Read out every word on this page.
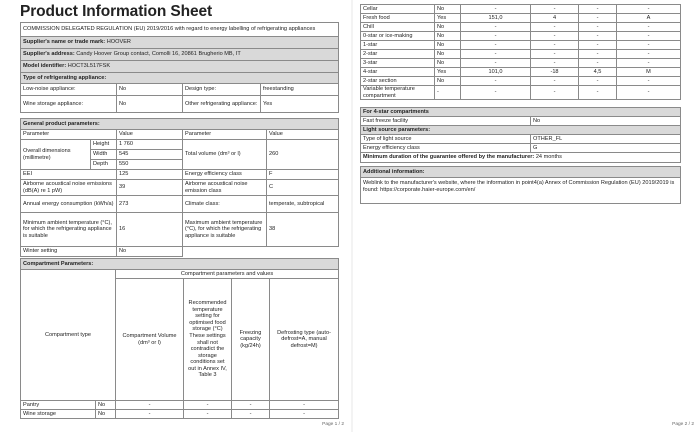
Product Information Sheet
COMMISSION DELEGATED REGULATION (EU) 2019/2016 with regard to energy labelling of refrigerating appliances
Supplier's name or trade mark: HOOVER
Supplier's address: Candy Hoover Group contact, Comolli 16, 20861 Brugherio MB, IT
Model identifier: HOCT3L517FSK
Type of refrigerating appliance:
Low-noise appliance:	No	Design type:	freestanding
Wine storage appliance:	No	Other refrigerating appliance:	Yes
General product parameters:				
Parameter		Value	Parameter	Value
Overall dimensions (millimetre)	Height	1 760	Total volume (dm³ or l)	260
	Width	545		
	Depth	550		
EEI		125	Energy efficiency class	F
Airborne acoustical noise emissions (dB(A) re 1 pW)		39	Airborne acoustical noise emission class	C
Annual energy consumption (kWh/a)		273	Climate class:	temperate, subtropical
Minimum ambient temperature (°C), for which the refrigerating appliance is suitable		16	Maximum ambient temperature (°C), for which the refrigerating appliance is suitable	38
Winter setting		No		
Compartment Parameters:					
Compartment type		Compartment parameters and values			
		Compartment Volume (dm³ or l)	Recommended temperature setting for optimised food storage (°C) These settings shall not contradict the storage conditions set out in Annex IV, Table 3	Freezing capacity (kg/24h)	Defrosting type (auto-defrost=A, manual defrost=M)
Pantry	No	-	-	-	-
Wine storage	No	-	-	-	-
Page 1 / 2
Cellar	No	-	-	-	-
Fresh food	Yes	151,0	4	-	A
Chill	No	-	-	-	-
0-star or ice-making	No	-	-	-	-
1-star	No	-	-	-	-
2-star	No	-	-	-	-
3-star	No	-	-	-	-
4-star	Yes	101,0	-18	4,5	M
2-star section	No	-	-	-	-
Variable temperature compartment	-	-	-	-	-
For 4-star compartments	
Fast freeze facility	No
Light source parameters:	
Type of light source	OTHER_FL
Energy efficiency class	G
Minimum duration of the guarantee offered by the manufacturer: 24 months	

Additional information:	
Weblink to the manufacturer's website, where the information in point4(a) Annex of Commission Regulation (EU) 2019/2019 is found: https://corporate.haier-europe.com/en/	
Page 2 / 2
